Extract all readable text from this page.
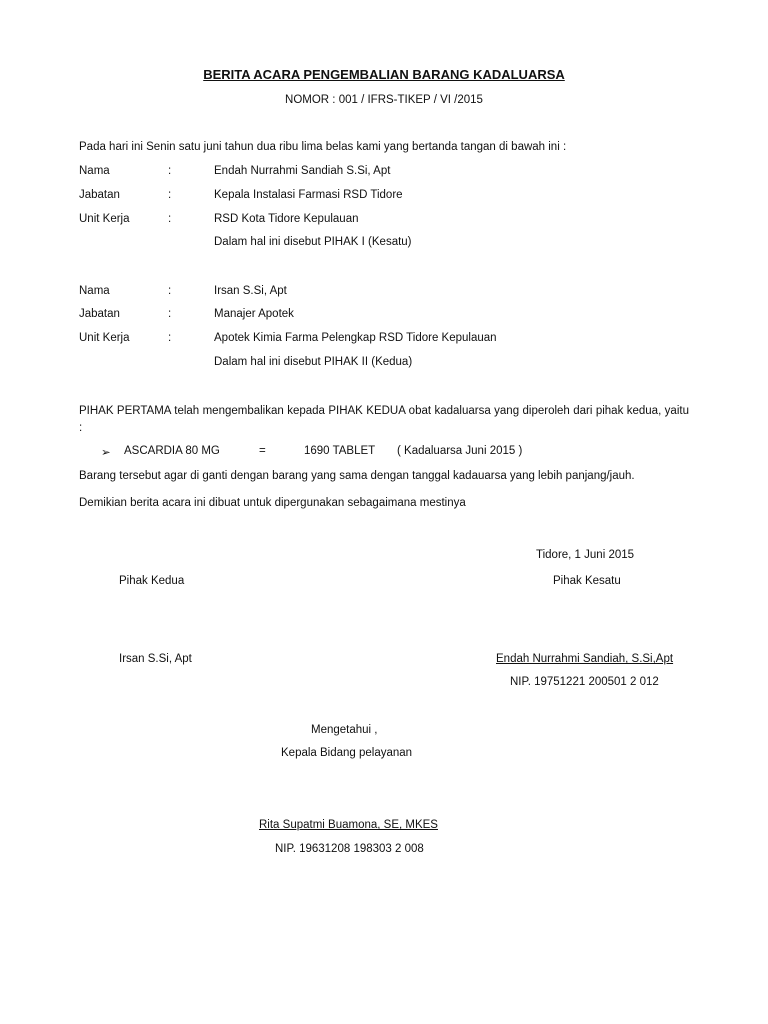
BERITA ACARA PENGEMBALIAN BARANG KADALUARSA
NOMOR : 001 / IFRS-TIKEP / VI /2015
Pada hari ini Senin satu juni tahun dua ribu lima belas kami yang bertanda tangan di bawah ini :
Nama	:	Endah Nurrahmi Sandiah S.Si, Apt
Jabatan	:	Kepala Instalasi Farmasi RSD Tidore
Unit Kerja	:	RSD Kota Tidore Kepulauan
Dalam hal ini disebut PIHAK I (Kesatu)
Nama	:	Irsan S.Si, Apt
Jabatan	:	Manajer Apotek
Unit Kerja	:	Apotek Kimia Farma Pelengkap RSD Tidore Kepulauan
Dalam hal ini disebut PIHAK II (Kedua)
PIHAK PERTAMA telah mengembalikan kepada PIHAK KEDUA obat kadaluarsa yang diperoleh dari pihak kedua, yaitu :
➢ ASCARDIA 80 MG	=	1690 TABLET ( Kadaluarsa Juni 2015 )
Barang tersebut agar di ganti dengan barang yang sama dengan tanggal kadauarsa yang lebih panjang/jauh.
Demikian berita acara ini dibuat untuk dipergunakan sebagaimana mestinya
Tidore, 1 Juni 2015
Pihak Kedua	Pihak Kesatu
Irsan S.Si, Apt	Endah Nurrahmi Sandiah, S.Si,Apt
NIP. 19751221 200501 2 012
Mengetahui ,
Kepala Bidang pelayanan
Rita Supatmi Buamona, SE, MKES
NIP. 19631208 198303 2 008
